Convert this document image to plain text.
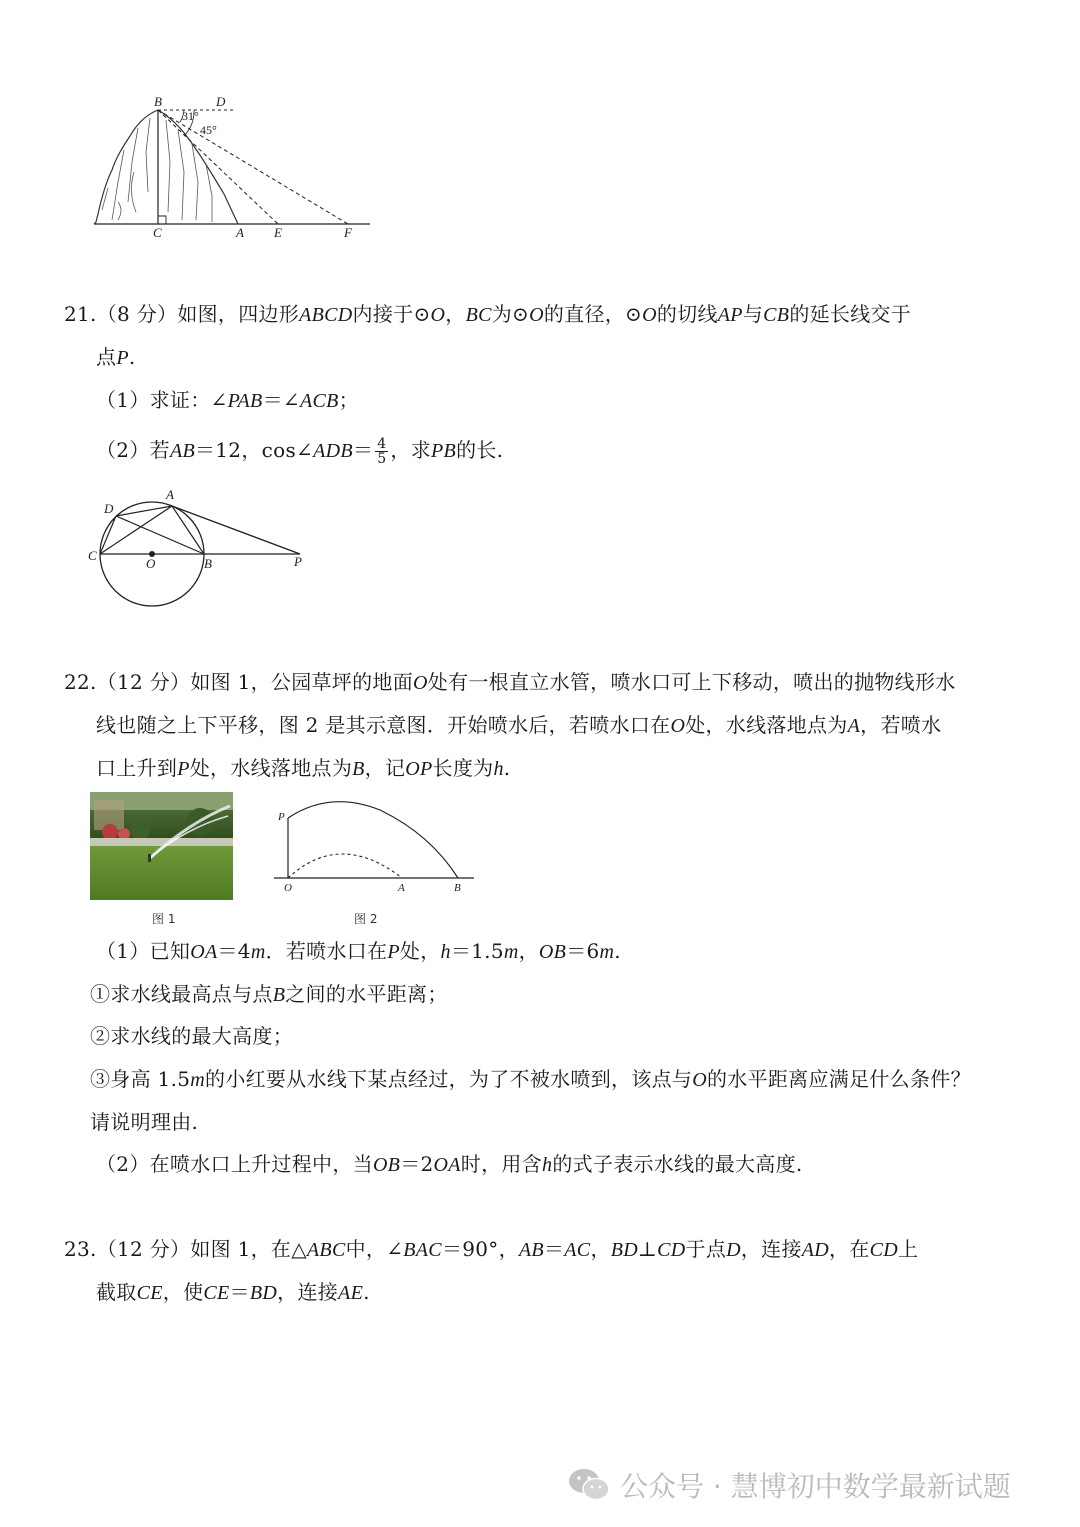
B	D
31°
45°
C	A E	F
21.（8 分）如图，四边形ABCD内接于⊙O，BC为⊙O的直径，⊙O的切线AP与CB的延长线交于
点P.
（1）求证：∠PAB＝∠ACB；
（2）若AB＝12，cos∠ADB＝ $\frac{4}{5}$ ，求PB的长.
D
A
C
O	B	P
22.（12 分）如图 1，公园草坪的地面O处有一根直立水管，喷水口可上下移动，喷出的抛物线形水
线也随之上下平移，图 2 是其示意图．开始喷水后，若喷水口在O处，水线落地点为A，若喷水
口上升到P处，水线落地点为B，记OP长度为h.
图 1
P
O	A	B
图 2
（1）已知OA＝4m．若喷水口在P处，h＝1.5m，OB＝6m.
①求水线最高点与点B之间的水平距离；
②求水线的最大高度；
③身高 1.5m的小红要从水线下某点经过，为了不被水喷到，该点与O的水平距离应满足什么条件？
请说明理由.
（2）在喷水口上升过程中，当OB＝2OA时，用含h的式子表示水线的最大高度.
23.（12 分）如图 1，在△ABC中，∠BAC＝90°，AB＝AC，BD⊥CD于点D，连接AD，在CD上
截取CE，使CE＝BD，连接AE.
公众号 · 慧博初中数学最新试题
